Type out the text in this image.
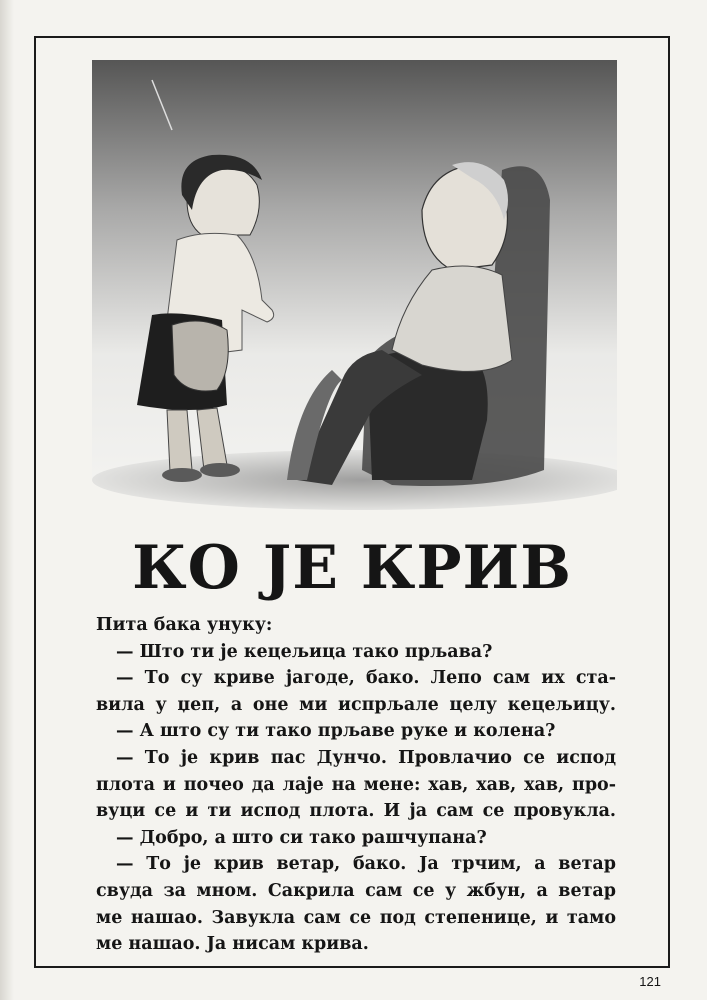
КО ЈЕ КРИВ
Пита бака унуку:
— Што ти је кецељица тако прљава?
— То су криве јагоде, бако. Лепо сам их ста-
вила у џеп, а оне ми испрљале целу кецељицу.
— А што су ти тако прљаве руке и колена?
— То је крив пас Дунчо. Провлачио се испод
плота и почео да лаје на мене: хав, хав, хав, про-
вуци се и ти испод плота. И ја сам се провукла.
— Добро, а што си тако рашчупана?
— То је крив ветар, бако. Ја трчим, а ветар
свуда за мном. Сакрила сам се у жбун, а ветар
ме нашао. Завукла сам се под степенице, и тамо
ме нашао. Ја нисам крива.
121
